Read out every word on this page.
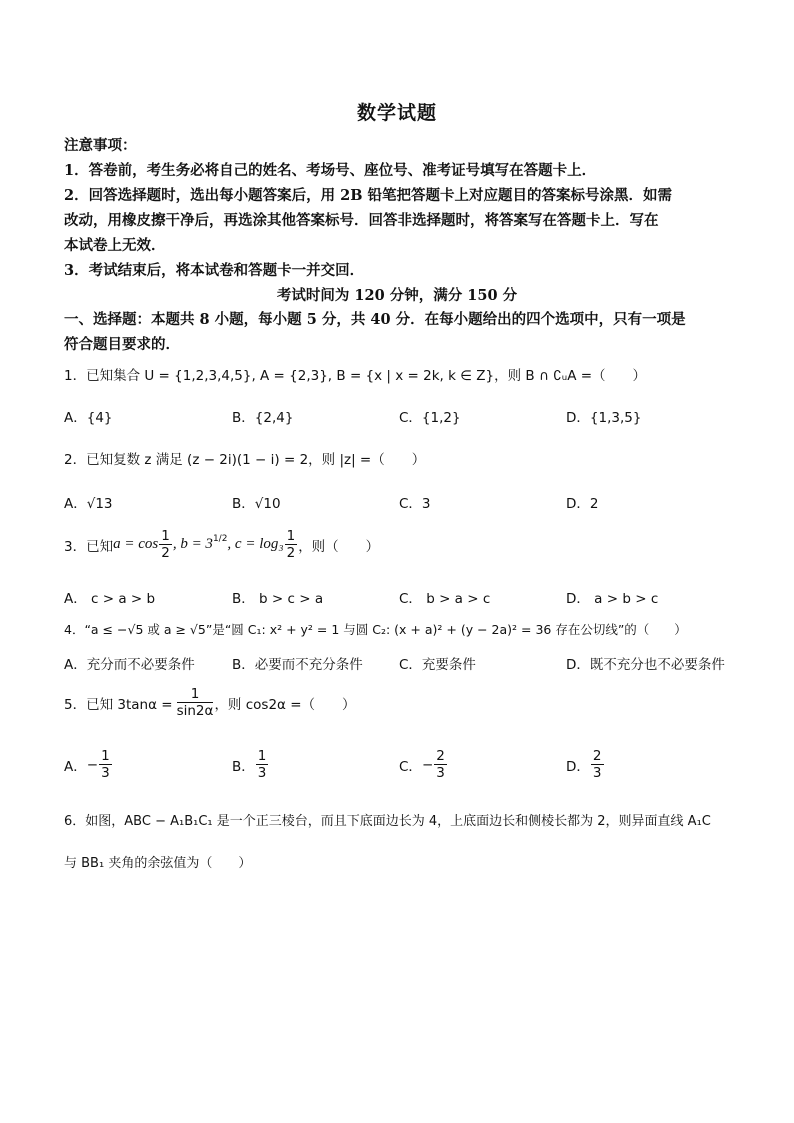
数学试题
注意事项：
1．答卷前，考生务必将自己的姓名、考场号、座位号、准考证号填写在答题卡上．
2．回答选择题时，选出每小题答案后，用 2B 铅笔把答题卡上对应题目的答案标号涂黑．如需
改动，用橡皮擦干净后，再选涂其他答案标号．回答非选择题时，将答案写在答题卡上．写在
本试卷上无效．
3．考试结束后，将本试卷和答题卡一并交回．
考试时间为 120 分钟，满分 150 分
一、选择题：本题共 8 小题，每小题 5 分，共 40 分．在每小题给出的四个选项中，只有一项是
符合题目要求的．
1．已知集合 U = {1,2,3,4,5}, A = {2,3}, B = {x | x = 2k, k ∈ Z}，则 B ∩ ∁ᵤA =（　　）
A．{4}	B．{2,4}	C．{1,2}	D．{1,3,5}
2．已知复数 z 满足 (z − 2i)(1 − i) = 2，则 |z| =（　　）
A．√13	B．√10	C．3	D．2
3．已知 $a = \cos \frac{1}{2}$ , $b = 3^{1/2}$ , $c = \log_3 \frac{1}{2}$ ，则（　　）
A． c > a > b	B． b > c > a	C． b > a > c	D． a > b > c
4．“a ≤ −√5 或 a ≥ √5”是“圆 C₁: x² + y² = 1 与圆 C₂: (x + a)² + (y − 2a)² = 36 存在公切线”的（　　）
A．充分而不必要条件	B．必要而不充分条件	C．充要条件	D．既不充分也不必要条件
5．已知 $3\tan\alpha = \frac{1}{\sin 2\alpha}$ ，则 cos2α =（　　）
A． − $\frac{1}{3}$	B． $\frac{1}{3}$	C． − $\frac{2}{3}$	D． $\frac{2}{3}$
6．如图，ABC − A₁B₁C₁ 是一个正三棱台，而且下底面边长为 4，上底面边长和侧棱长都为 2，则异面直线 A₁C
与 BB₁ 夹角的余弦值为（　　）
